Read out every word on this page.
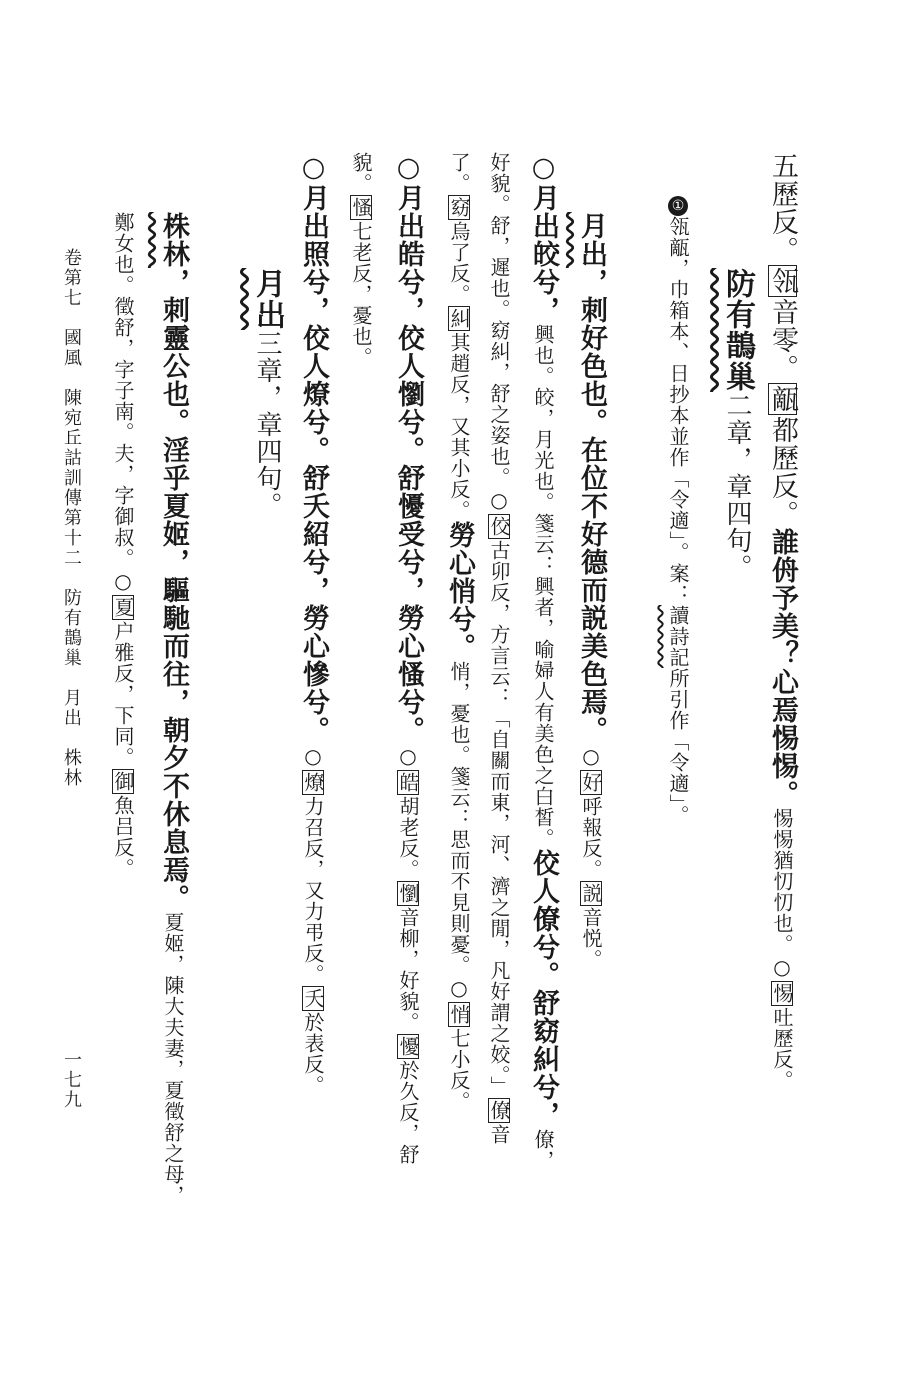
五歷反。瓴音零。甋都歷反。誰侜予美？心焉惕惕。惕惕猶忉忉也。○惕吐歷反。
防有鵲巢二章，章四句。
①瓴甋，巾箱本、日抄本並作「令適」。案：讀詩記所引作「令適」。
月出，刺好色也。在位不好德而説美色焉。○好呼報反。説音悦。
○月出皎兮，興也。皎，月光也。箋云：興者，喻婦人有美色之白皙。佼人僚兮。舒窈糾兮，僚，
好貌。舒，遲也。窈糾，舒之姿也。○佼古卯反，方言云：「自關而東，河、濟之閒，凡好謂之姣。」僚音
了。窈烏了反。糾其趙反，又其小反。勞心悄兮。悄，憂也。箋云：思而不見則憂。○悄七小反。
○月出皓兮，佼人懰兮。舒懮受兮，勞心慅兮。○皓胡老反。懰音柳，好貌。懮於久反，舒
貌。慅七老反，憂也。
○月出照兮，佼人燎兮。舒夭紹兮，勞心慘兮。○燎力召反，又力弔反。夭於表反。
月出三章，章四句。
株林，刺靈公也。淫乎夏姬，驅馳而往，朝夕不休息焉。夏姬，陳大夫妻，夏徵舒之母，
鄭女也。徵舒，字子南。夫，字御叔。○夏户雅反，下同。御魚吕反。
卷第七　國風　陳宛丘詁訓傳第十二　防有鵲巢　月出　株林
一七九
